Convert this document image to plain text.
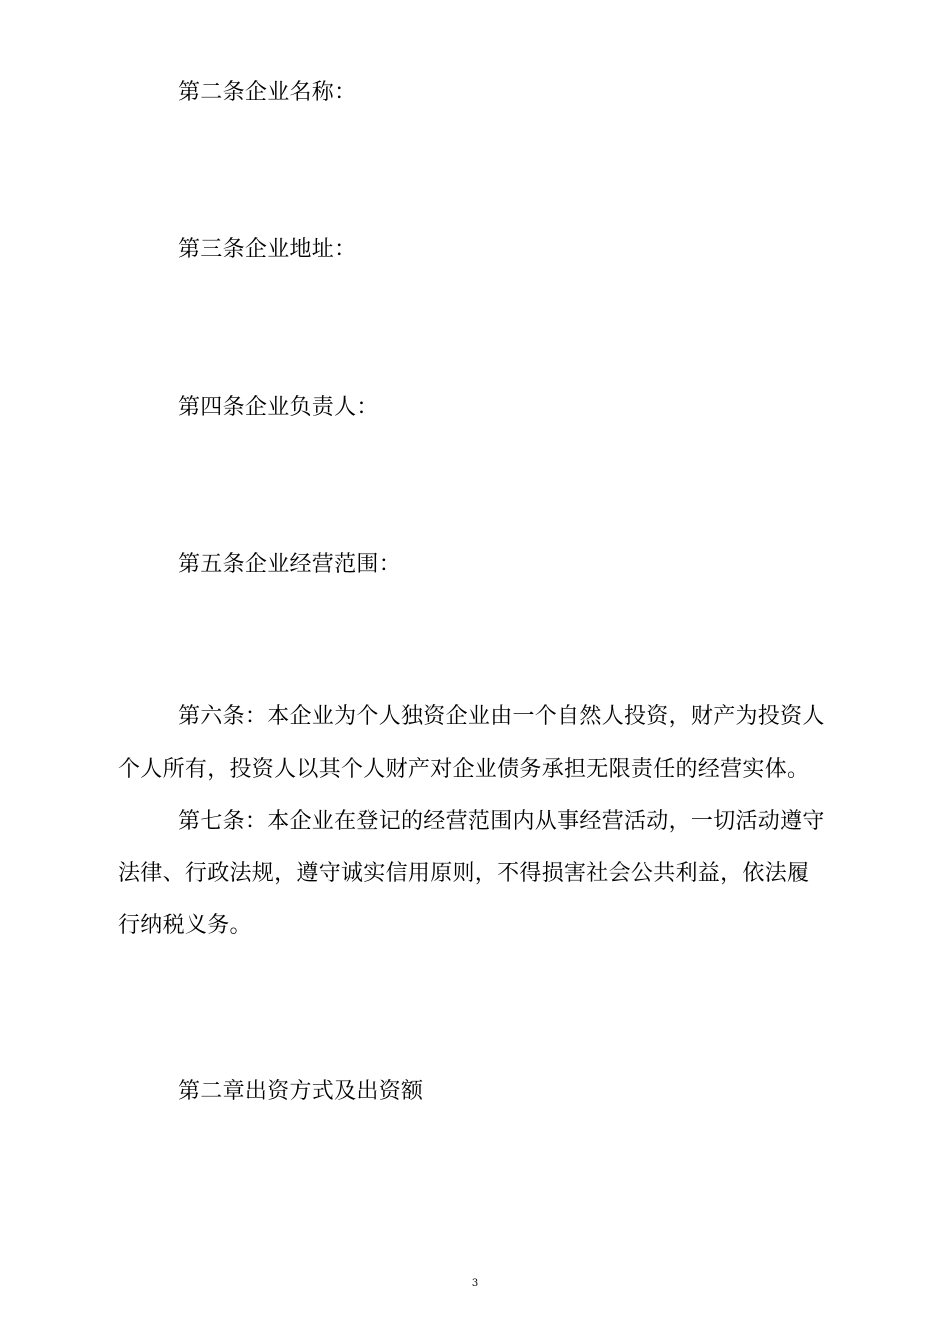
第二条企业名称：
第三条企业地址：
第四条企业负责人：
第五条企业经营范围：
第六条：本企业为个人独资企业由一个自然人投资，财产为投资人
个人所有，投资人以其个人财产对企业债务承担无限责任的经营实体。
第七条：本企业在登记的经营范围内从事经营活动，一切活动遵守
法律、行政法规，遵守诚实信用原则，不得损害社会公共利益，依法履
行纳税义务。
第二章出资方式及出资额
3
